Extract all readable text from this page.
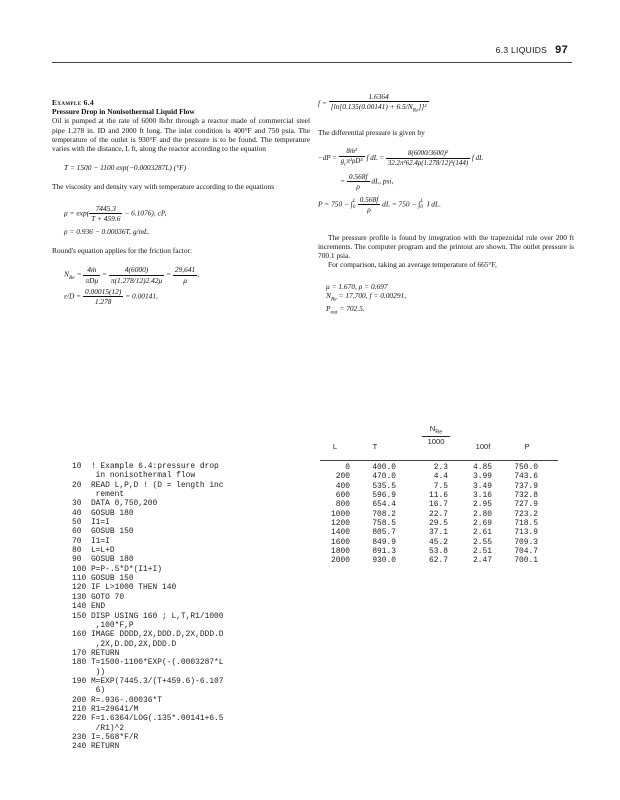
6.3 LIQUIDS 97
Example 6.4
Pressure Drop in Nonisothermal Liquid Flow

Oil is pumped at the rate of 6000 lb/hr through a reactor made of commercial steel pipe 1.278 in. ID and 2000 ft long. The inlet condition is 400°F and 750 psia. The temperature of the outlet is 930°F and the pressure is to be found. The temperature varies with the distance, L ft, along the reactor according to the equation

T = 1500 − 1100 exp(−0.0003287L) (°F)

The viscosity and density vary with temperature according to the equations

$\mu = \exp( \frac{7445.3}{T + 459.6} - 6.1076)$, cP,
ρ = 0.936 − 0.00036T, g/mL.

Round's equation applies for the friction factor:

$N_{Re} = \frac{\text{4ṁ}}{\text{πDμ}} = \frac{4(6000)}{\pi(1.278/12)2.42\mu} = \frac{29,641}{\mu}$ ,
$\varepsilon/D = \frac{0.00015(12)}{1.278} = 0.00141$,
$f = \frac{1.6364}{[\ln[0.135(0.00141) + 6.5/N_{Re}]]^2}$

The differential pressure is given by

$-dP = \frac{\text{8ṁ²}}{g_c\pi^2\rho D^5}$ f dL = $\frac{\text{8(6000/3600)²}}{\text{32.2π²62.4ρ(1.278/12)⁵(144)}}$ f dL
= $\frac{0.568f}{\rho}$ dL, psi,
P = 750 − ∫ L
$0 \frac{0.568f}{\rho}$ dL = 750 − ∫ L
0 I dL.

The pressure profile is found by integration with the trapezoidal rule over 200 ft increments. The computer program and the printout are shown. The outlet pressure is 700.1 psia.

For comparison, taking an average temperature of 665°F,

μ = 1.670, ρ = 0.697
$N_{Re} = 17,700$, f = 0.00291,
$P_{out} = 702.5$.
10  ! Example 6.4:pressure drop
in nonisothermal flow
20  READ L,P,D ! (D = length inc
rement
30  DATA 0,750,200
40  GOSUB 180
50  I1=I
60  GOSUB 150
70  I1=I
80  L=L+D
90  GOSUB 180
100 P=P-.5*D*(I1+I)
110 GOSUB 150
120 IF L>1000 THEN 140
130 GOTO 70
140 END
150 DISP USING 160 ; L,T,R1/1000
,100*F,P
160 IMAGE DDDD,2X,DDD.D,2X,DDD.D
,2X,D.DD,2X,DDD.D
170 RETURN
180 T=1500-1100*EXP(-(.0003287*L
))
190 M=EXP(7445.3/(T+459.6)-6.107
6)
200 R=.936-.00036*T
210 R1=29641/M
220 F=1.6364/LOG(.135*.00141+6.5
/R1)^2
230 I=.568*F/R
240 RETURN
L	T
$N_{Re}$
1000
100f	P
0	400.0	2.3	4.85	750.0
200	470.0	4.4	3.99	743.6
400	535.5	7.5	3.49	737.9
600	596.9	11.6	3.16	732.8
800	654.4	16.7	2.95	727.9
1000	708.2	22.7	2.80	723.2
1200	758.5	29.5	2.69	718.5
1400	805.7	37.1	2.61	713.9
1600	849.9	45.2	2.55	709.3
1800	891.3	53.8	2.51	704.7
2000	930.0	62.7	2.47	700.1
